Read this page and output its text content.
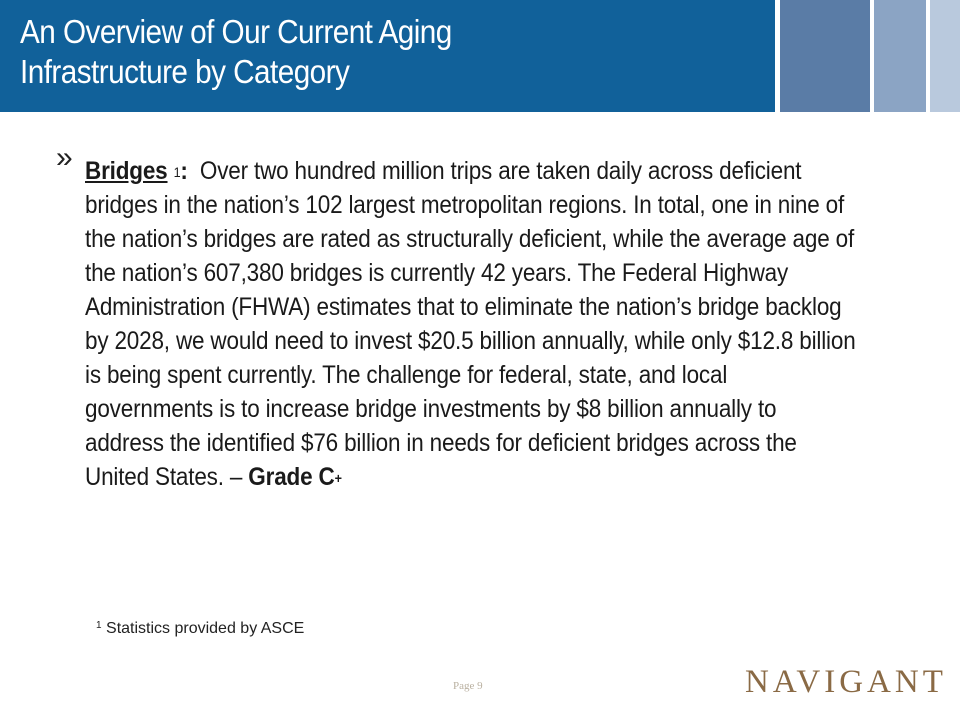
An Overview of Our Current Aging
Infrastructure by Category
» Bridges $^1$: Over two hundred million trips are taken daily across deficient bridges in the nation’s 102 largest metropolitan regions. In total, one in nine of the nation’s bridges are rated as structurally deficient, while the average age of the nation’s 607,380 bridges is currently 42 years. The Federal Highway Administration (FHWA) estimates that to eliminate the nation’s bridge backlog by 2028, we would need to invest $20.5 billion annually, while only $12.8 billion is being spent currently. The challenge for federal, state, and local governments is to increase bridge investments by $8 billion annually to address the identified $76 billion in needs for deficient bridges across the United States. – Grade C+
$^1$ Statistics provided by ASCE
Page 9	NAVIGANT
